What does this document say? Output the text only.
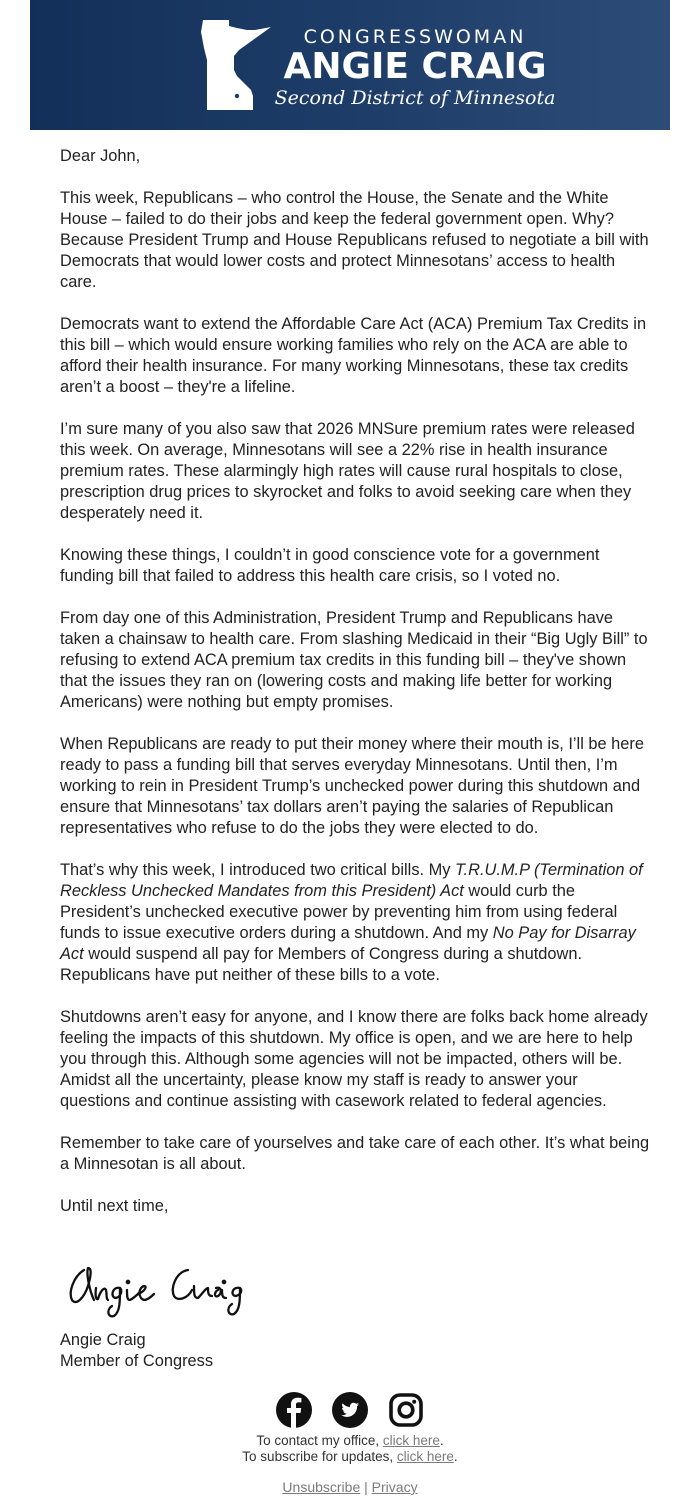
CONGRESSWOMAN
ANGIE CRAIG
Second District of Minnesota

Dear John,

This week, Republicans – who control the House, the Senate and the White House – failed to do their jobs and keep the federal government open. Why? Because President Trump and House Republicans refused to negotiate a bill with Democrats that would lower costs and protect Minnesotans’ access to health care.

Democrats want to extend the Affordable Care Act (ACA) Premium Tax Credits in this bill – which would ensure working families who rely on the ACA are able to afford their health insurance. For many working Minnesotans, these tax credits aren’t a boost – they're a lifeline.

I’m sure many of you also saw that 2026 MNSure premium rates were released this week. On average, Minnesotans will see a 22% rise in health insurance premium rates. These alarmingly high rates will cause rural hospitals to close, prescription drug prices to skyrocket and folks to avoid seeking care when they desperately need it.

Knowing these things, I couldn’t in good conscience vote for a government funding bill that failed to address this health care crisis, so I voted no.

From day one of this Administration, President Trump and Republicans have taken a chainsaw to health care. From slashing Medicaid in their “Big Ugly Bill” to refusing to extend ACA premium tax credits in this funding bill – they've shown that the issues they ran on (lowering costs and making life better for working Americans) were nothing but empty promises.

When Republicans are ready to put their money where their mouth is, I’ll be here ready to pass a funding bill that serves everyday Minnesotans. Until then, I’m working to rein in President Trump’s unchecked power during this shutdown and ensure that Minnesotans’ tax dollars aren’t paying the salaries of Republican representatives who refuse to do the jobs they were elected to do.

That’s why this week, I introduced two critical bills. My T.R.U.M.P (Termination of Reckless Unchecked Mandates from this President) Act would curb the President’s unchecked executive power by preventing him from using federal funds to issue executive orders during a shutdown. And my No Pay for Disarray Act would suspend all pay for Members of Congress during a shutdown. Republicans have put neither of these bills to a vote.

Shutdowns aren’t easy for anyone, and I know there are folks back home already feeling the impacts of this shutdown. My office is open, and we are here to help you through this. Although some agencies will not be impacted, others will be. Amidst all the uncertainty, please know my staff is ready to answer your questions and continue assisting with casework related to federal agencies.

Remember to take care of yourselves and take care of each other. It’s what being a Minnesotan is all about.

Until next time,

Angie Craig
Member of Congress

To contact my office, click here.
To subscribe for updates, click here.
Unsubscribe | Privacy
